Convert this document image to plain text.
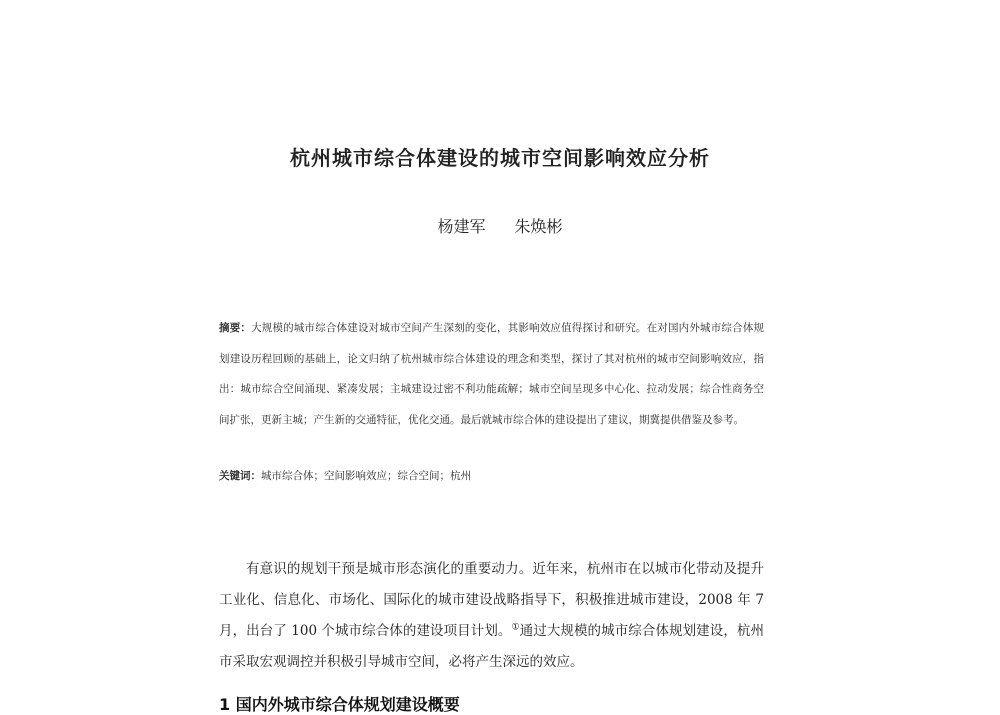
杭州城市综合体建设的城市空间影响效应分析
杨建军 朱焕彬
摘要：大规模的城市综合体建设对城市空间产生深刻的变化，其影响效应值得探讨和研究。在对国内外城市综合体规划建设历程回顾的基础上，论文归纳了杭州城市综合体建设的理念和类型，探讨了其对杭州的城市空间影响效应，指出：城市综合空间涌现、紧凑发展；主城建设过密不利功能疏解；城市空间呈现多中心化、拉动发展；综合性商务空间扩张，更新主城；产生新的交通特征，优化交通。最后就城市综合体的建设提出了建议，期冀提供借鉴及参考。
关键词：城市综合体；空间影响效应；综合空间；杭州
有意识的规划干预是城市形态演化的重要动力。近年来，杭州市在以城市化带动及提升工业化、信息化、市场化、国际化的城市建设战略指导下，积极推进城市建设，2008 年 7 月，出台了 100 个城市综合体的建设项目计划。①通过大规模的城市综合体规划建设，杭州市采取宏观调控并积极引导城市空间，必将产生深远的效应。
1 国内外城市综合体规划建设概要
